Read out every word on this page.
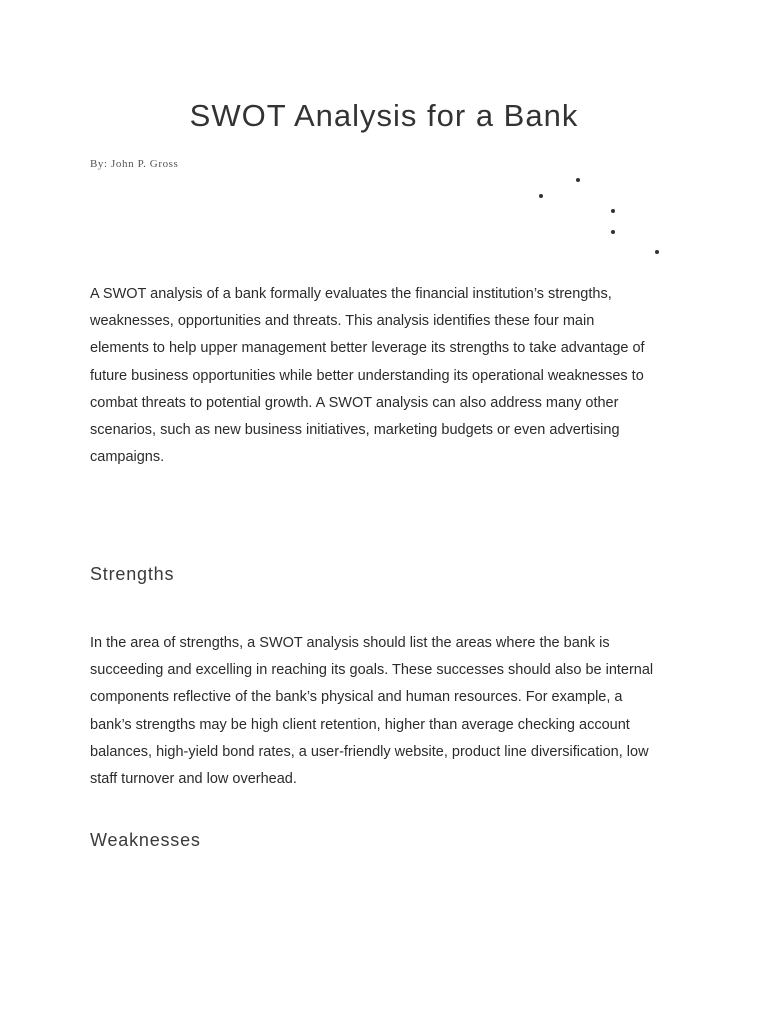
SWOT Analysis for a Bank

By: John P. Gross

A SWOT analysis of a bank formally evaluates the financial institution’s strengths,
weaknesses, opportunities and threats. This analysis identifies these four main
elements to help upper management better leverage its strengths to take advantage of
future business opportunities while better understanding its operational weaknesses to
combat threats to potential growth. A SWOT analysis can also address many other
scenarios, such as new business initiatives, marketing budgets or even advertising
campaigns.
Strengths
In the area of strengths, a SWOT analysis should list the areas where the bank is
succeeding and excelling in reaching its goals. These successes should also be internal
components reflective of the bank’s physical and human resources. For example, a
bank’s strengths may be high client retention, higher than average checking account
balances, high-yield bond rates, a user-friendly website, product line diversification, low
staff turnover and low overhead.
Weaknesses
